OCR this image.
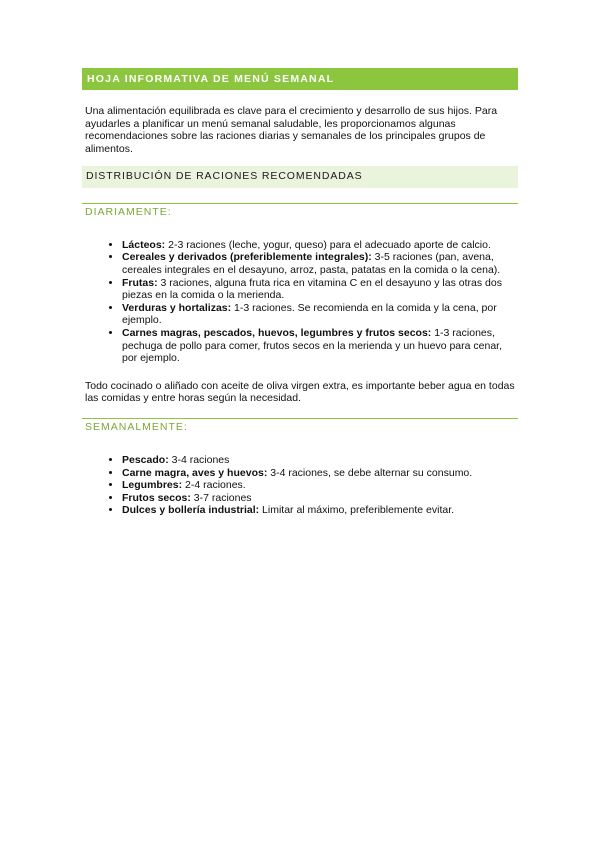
HOJA INFORMATIVA DE MENÚ SEMANAL

Una alimentación equilibrada es clave para el crecimiento y desarrollo de sus hijos. Para ayudarles a planificar un menú semanal saludable, les proporcionamos algunas recomendaciones sobre las raciones diarias y semanales de los principales grupos de alimentos.

DISTRIBUCIÓN DE RACIONES RECOMENDADAS
DIARIAMENTE:
• Lácteos: 2-3 raciones (leche, yogur, queso) para el adecuado aporte de calcio.
• Cereales y derivados (preferiblemente integrales): 3-5 raciones (pan, avena, cereales integrales en el desayuno, arroz, pasta, patatas en la comida o la cena).
• Frutas: 3 raciones, alguna fruta rica en vitamina C en el desayuno y las otras dos piezas en la comida o la merienda.
• Verduras y hortalizas: 1-3 raciones. Se recomienda en la comida y la cena, por ejemplo.
• Carnes magras, pescados, huevos, legumbres y frutos secos: 1-3 raciones, pechuga de pollo para comer, frutos secos en la merienda y un huevo para cenar, por ejemplo.

Todo cocinado o aliñado con aceite de oliva virgen extra, es importante beber agua en todas las comidas y entre horas según la necesidad.

SEMANALMENTE:
• Pescado: 3-4 raciones
• Carne magra, aves y huevos: 3-4 raciones, se debe alternar su consumo.
• Legumbres: 2-4 raciones.
• Frutos secos: 3-7 raciones
• Dulces y bollería industrial: Limitar al máximo, preferiblemente evitar.
